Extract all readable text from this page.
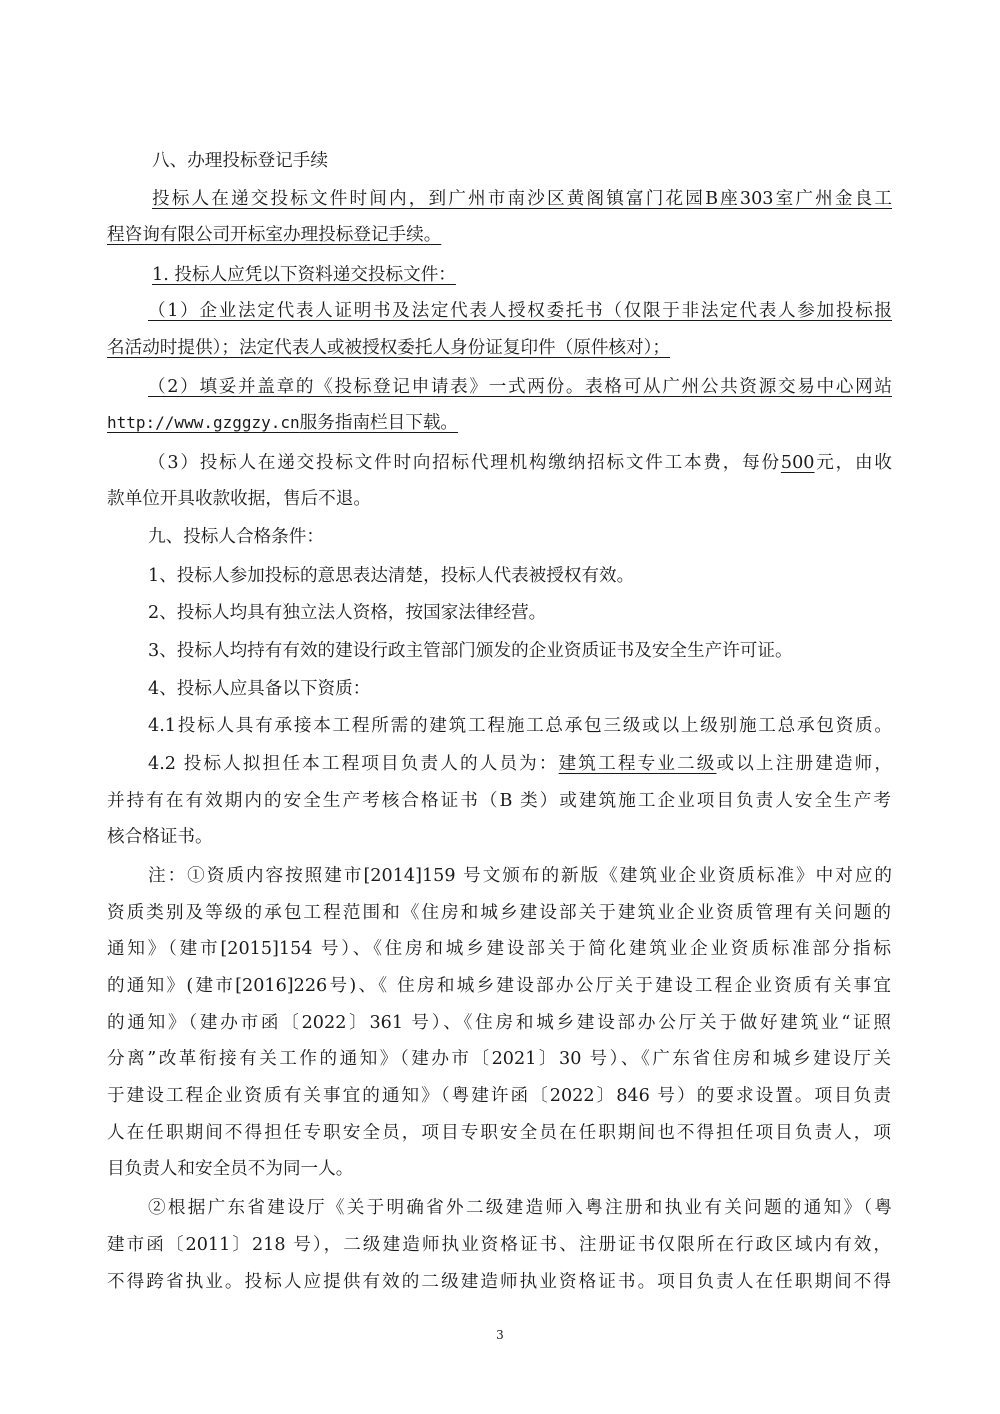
八、办理投标登记手续
投标人在递交投标文件时间内，到广州市南沙区黄阁镇富门花园B座303室广州金良工
程咨询有限公司开标室办理投标登记手续。
1. 投标人应凭以下资料递交投标文件：
（1）企业法定代表人证明书及法定代表人授权委托书（仅限于非法定代表人参加投标报
名活动时提供）；法定代表人或被授权委托人身份证复印件（原件核对）；
（2）填妥并盖章的《投标登记申请表》一式两份。表格可从广州公共资源交易中心网站
http://www.gzggzy.cn服务指南栏目下载。
（3）投标人在递交投标文件时向招标代理机构缴纳招标文件工本费，每份500元，由收
款单位开具收款收据，售后不退。
九、投标人合格条件：
1、投标人参加投标的意思表达清楚，投标人代表被授权有效。
2、投标人均具有独立法人资格，按国家法律经营。
3、投标人均持有有效的建设行政主管部门颁发的企业资质证书及安全生产许可证。
4、投标人应具备以下资质：
4.1投标人具有承接本工程所需的建筑工程施工总承包三级或以上级别施工总承包资质。
4.2 投标人拟担任本工程项目负责人的人员为：建筑工程专业二级或以上注册建造师，
并持有在有效期内的安全生产考核合格证书（B 类）或建筑施工企业项目负责人安全生产考
核合格证书。
注：①资质内容按照建市[2014]159 号文颁布的新版《建筑业企业资质标准》中对应的
资质类别及等级的承包工程范围和《住房和城乡建设部关于建筑业企业资质管理有关问题的
通知》（建市[2015]154 号）、《住房和城乡建设部关于简化建筑业企业资质标准部分指标
的通知》(建市[2016]226号)、《 住房和城乡建设部办公厅关于建设工程企业资质有关事宜
的通知》（建办市函〔2022〕361 号）、《住房和城乡建设部办公厅关于做好建筑业“证照
分离”改革衔接有关工作的通知》（建办市〔2021〕30 号）、《广东省住房和城乡建设厅关
于建设工程企业资质有关事宜的通知》（粤建许函〔2022〕846 号）的要求设置。项目负责
人在任职期间不得担任专职安全员，项目专职安全员在任职期间也不得担任项目负责人，项
目负责人和安全员不为同一人。
②根据广东省建设厅《关于明确省外二级建造师入粤注册和执业有关问题的通知》（粤
建市函〔2011〕218 号），二级建造师执业资格证书、注册证书仅限所在行政区域内有效，
不得跨省执业。投标人应提供有效的二级建造师执业资格证书。项目负责人在任职期间不得
3
